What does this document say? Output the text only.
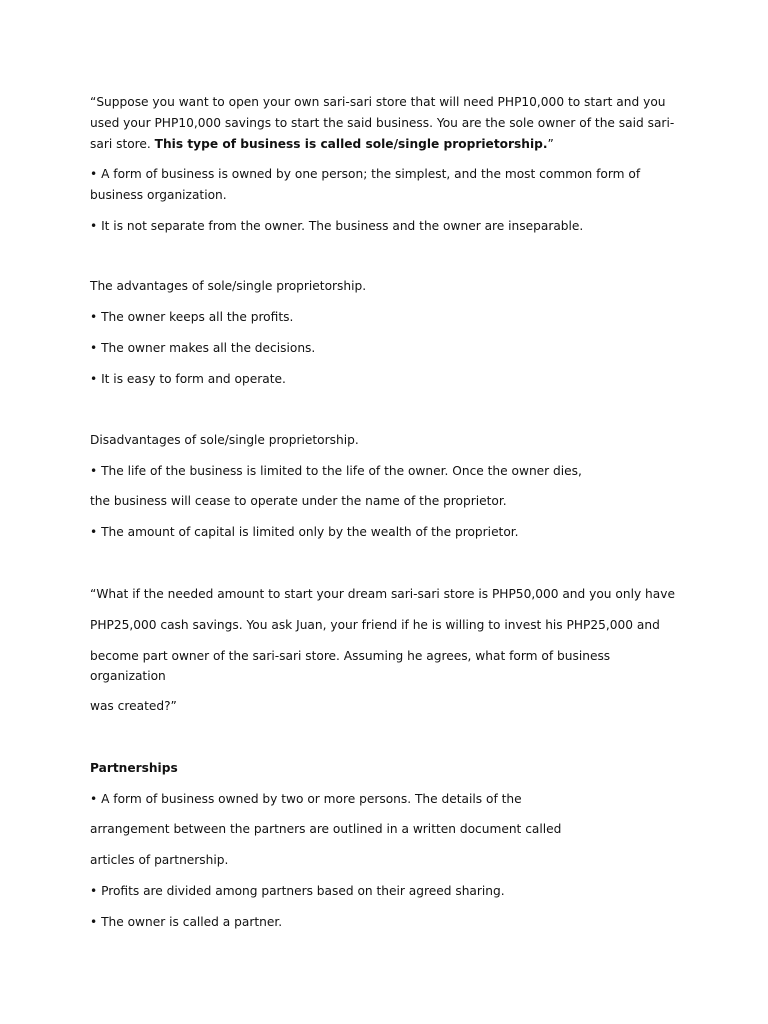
“Suppose you want to open your own sari-sari store that will need PHP10,000 to start and you
used your PHP10,000 savings to start the said business. You are the sole owner of the said sari-
sari store. This type of business is called sole/single proprietorship.”
• A form of business is owned by one person; the simplest, and the most common form of
business organization.
• It is not separate from the owner. The business and the owner are inseparable.
The advantages of sole/single proprietorship.
• The owner keeps all the profits.
• The owner makes all the decisions.
• It is easy to form and operate.
Disadvantages of sole/single proprietorship.
• The life of the business is limited to the life of the owner. Once the owner dies,
the business will cease to operate under the name of the proprietor.
• The amount of capital is limited only by the wealth of the proprietor.
“What if the needed amount to start your dream sari-sari store is PHP50,000 and you only have
PHP25,000 cash savings. You ask Juan, your friend if he is willing to invest his PHP25,000 and
become part owner of the sari-sari store. Assuming he agrees, what form of business
organization
was created?”
Partnerships
• A form of business owned by two or more persons. The details of the
arrangement between the partners are outlined in a written document called
articles of partnership.
• Profits are divided among partners based on their agreed sharing.
• The owner is called a partner.
